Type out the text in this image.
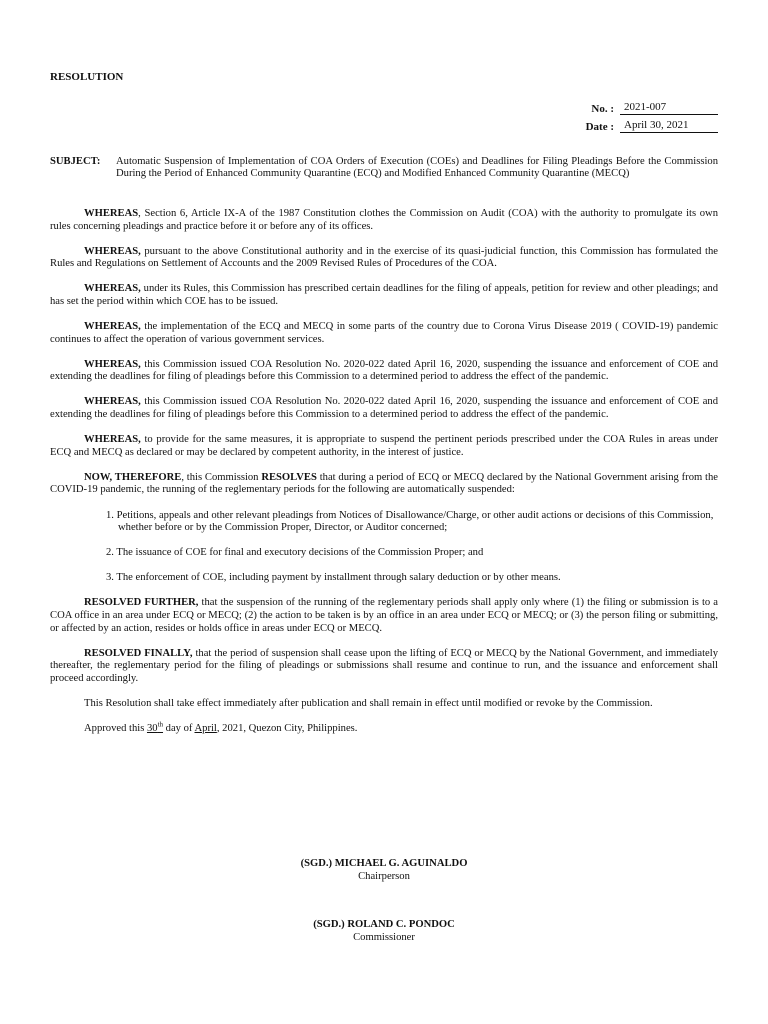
RESOLUTION
No. : 2021-007
Date : April 30, 2021
SUBJECT:	Automatic Suspension of Implementation of COA Orders of Execution (COEs) and Deadlines for Filing Pleadings Before the Commission During the Period of Enhanced Community Quarantine (ECQ) and Modified Enhanced Community Quarantine (MECQ)

WHEREAS, Section 6, Article IX-A of the 1987 Constitution clothes the Commission on Audit (COA) with the authority to promulgate its own rules concerning pleadings and practice before it or before any of its offices.

WHEREAS, pursuant to the above Constitutional authority and in the exercise of its quasi-judicial function, this Commission has formulated the Rules and Regulations on Settlement of Accounts and the 2009 Revised Rules of Procedures of the COA.

WHEREAS, under its Rules, this Commission has prescribed certain deadlines for the filing of appeals, petition for review and other pleadings; and has set the period within which COE has to be issued.

WHEREAS, the implementation of the ECQ and MECQ in some parts of the country due to Corona Virus Disease 2019 ( COVID-19) pandemic continues to affect the operation of various government services.

WHEREAS, this Commission issued COA Resolution No. 2020-022 dated April 16, 2020, suspending the issuance and enforcement of COE and extending the deadlines for filing of pleadings before this Commission to a determined period to address the effect of the pandemic.

WHEREAS, this Commission issued COA Resolution No. 2020-022 dated April 16, 2020, suspending the issuance and enforcement of COE and extending the deadlines for filing of pleadings before this Commission to a determined period to address the effect of the pandemic.

WHEREAS, to provide for the same measures, it is appropriate to suspend the pertinent periods prescribed under the COA Rules in areas under ECQ and MECQ as declared or may be declared by competent authority, in the interest of justice.

NOW, THEREFORE, this Commission RESOLVES that during a period of ECQ or MECQ declared by the National Government arising from the COVID-19 pandemic, the running of the reglementary periods for the following are automatically suspended:

1. Petitions, appeals and other relevant pleadings from Notices of Disallowance/Charge, or other audit actions or decisions of this Commission, whether before or by the Commission Proper, Director, or Auditor concerned;
2. The issuance of COE for final and executory decisions of the Commission Proper; and
3. The enforcement of COE, including payment by installment through salary deduction or by other means.

RESOLVED FURTHER, that the suspension of the running of the reglementary periods shall apply only where (1) the filing or submission is to a COA office in an area under ECQ or MECQ; (2) the action to be taken is by an office in an area under ECQ or MECQ; or (3) the person filing or submitting, or affected by an action, resides or holds office in areas under ECQ or MECQ.

RESOLVED FINALLY, that the period of suspension shall cease upon the lifting of ECQ or MECQ by the National Government, and immediately thereafter, the reglementary period for the filing of pleadings or submissions shall resume and continue to run, and the issuance and enforcement shall proceed accordingly.

This Resolution shall take effect immediately after publication and shall remain in effect until modified or revoke by the Commission.

Approved this 30th day of April, 2021, Quezon City, Philippines.

(SGD.) MICHAEL G. AGUINALDO
Chairperson
(SGD.) ROLAND C. PONDOC
Commissioner
